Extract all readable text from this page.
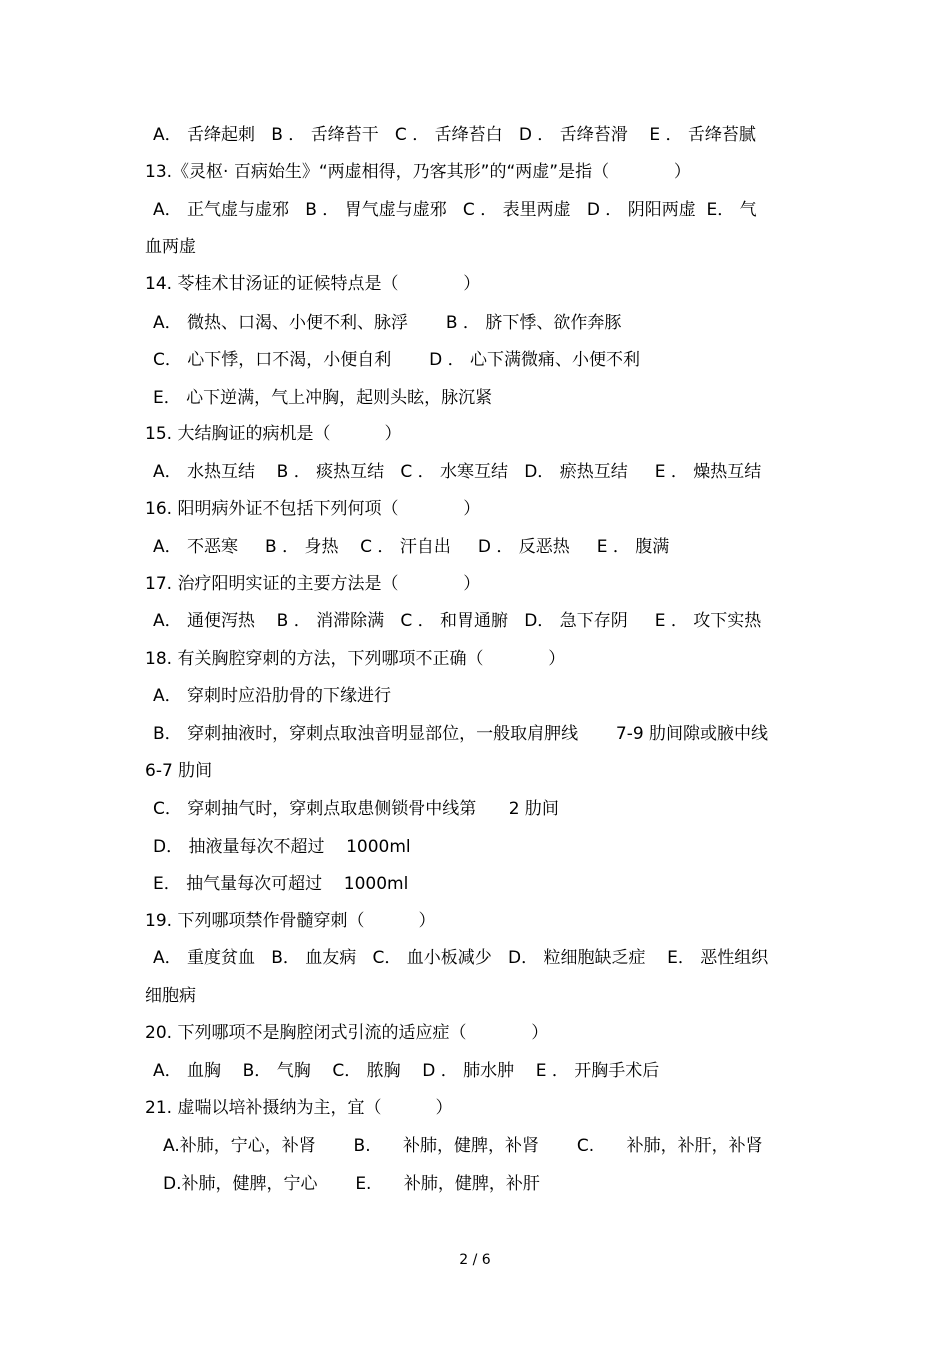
A． 舌绛起刺   B ． 舌绛苔干   C ． 舌绛苔白   D ． 舌绛苔滑    E ． 舌绛苔腻
13.《灵枢· 百病始生》“两虚相得，乃客其形”的“两虚”是指（            ）
A． 正气虚与虚邪   B ． 胃气虚与虚邪   C ． 表里两虚   D ． 阴阳两虚  E． 气
血两虚
14. 苓桂术甘汤证的证候特点是（            ）
A． 微热、口渴、小便不利、脉浮       B ． 脐下悸、欲作奔豚
C． 心下悸，口不渴，小便自利       D ． 心下满微痛、小便不利
E． 心下逆满，气上冲胸，起则头眩，脉沉紧
15. 大结胸证的病机是（          ）
A． 水热互结    B ． 痰热互结   C ． 水寒互结   D． 瘀热互结     E ． 燥热互结
16. 阳明病外证不包括下列何项（            ）
A． 不恶寒     B ． 身热    C ． 汗自出     D ． 反恶热     E ． 腹满
17. 治疗阳明实证的主要方法是（            ）
A． 通便泻热    B ． 消滞除满   C ． 和胃通腑   D． 急下存阴     E ． 攻下实热
18. 有关胸腔穿刺的方法，下列哪项不正确（            ）
A． 穿刺时应沿肋骨的下缘进行
B． 穿刺抽液时，穿刺点取浊音明显部位，一般取肩胛线       7-9 肋间隙或腋中线
6-7 肋间
C． 穿刺抽气时，穿刺点取患侧锁骨中线第      2 肋间
D． 抽液量每次不超过    1000ml
E． 抽气量每次可超过    1000ml
19. 下列哪项禁作骨髓穿刺（          ）
A． 重度贫血   B． 血友病   C． 血小板减少   D． 粒细胞缺乏症    E． 恶性组织
细胞病
20. 下列哪项不是胸腔闭式引流的适应症（            ）
A． 血胸    B． 气胸    C． 脓胸    D ． 肺水肿    E ． 开胸手术后
21. 虚喘以培补摄纳为主，宜（          ）
A.补肺，宁心，补肾       B.      补肺，健脾，补肾       C.      补肺，补肝，补肾
D.补肺，健脾，宁心       E.      补肺，健脾，补肝
2 / 6
